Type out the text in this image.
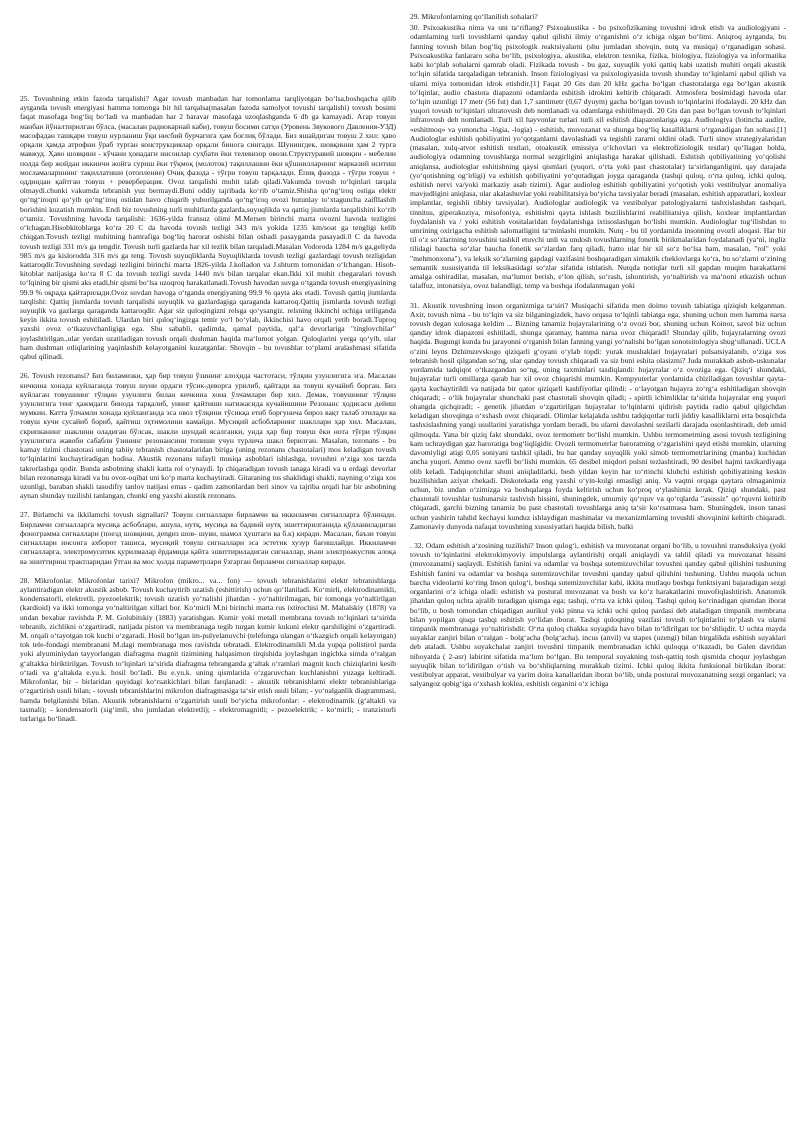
25. Tovushning etkin fazoda tarqalishi? Agar tovush manbadan har tomonlama tarqliyotgan bo‘lsa,boshqacha qilib aytganda tovush energiyasi hamma tomonga bir hil tarqalsa(masalan fazoda samolyot tovushi tarqalishi) tovush bosimi faqat masofaga bog‘liq bo‘ladi va manbadan har 2 baravar masofaga uzoqlashganda 6 db ga kamayadi. Агар товуш манбаи йўналтирилган бўлса, (масалан радиокарнай каби), товуш босими сатҳи (Уровень Звукового Давления-УЗД) масофадан ташқари товуш нурланиш ўқи нисбий бурчагига ҳам боғлиқ бўлади. Биз яшайдиган товуш 2 хил: ҳаво орқали ҳамда атрофни ўраб турган конструкциялар орқали бинога сингади. Шунингдек, шовқинни ҳам 2 турга мавжуд. Ҳаво шовқини - кўчани ҳонадаги инсонлар суҳбати ёки телевизор овози.Структуравий шовқин - мебелни полда бир жойдан иккинчи жойга суриш ёки тўқмоқ (мoлоток) тақиллашни ёки қўшнилларнинг марказий иситиш моcламаларининг тақиллатиши (отопление) Очиқ фазода - тўғри товуш тарқалади. Ёпиқ фазода - тўғри товуш + оддиндан қайтган товуш + реверберация. Ovoz tarqalishi muhit talab qiladi.Vakumda tovush to‘lqinlari tarqala olmaydi.chunki vakumda tebranish yuz bermaydi.Buni oddiy tajribada ko‘rib o‘tamiz.Shisha qo‘ng‘iroq ostiga elektr qo‘ng‘iroqni qo‘yib qo‘ng‘iroq ostidan havo chiqarib yuborilganda qo‘ng‘iroq ovozi butunlay to‘xtaguncha zaifllashib borishini kuzatish mumkin. Endi biz tovushning turli muhitlarda gazlarda,suyuqlikda va qattiq jismlarda tarqalishini ko‘rib o‘tamiz. Tovushning havoda tarqalishi: 1636-yilda fransuz olimi M.Mersen birinchi marta ovozni havoda tezligini o‘lchagan.Hisobkitoblarga ko‘ra 20 C da havoda tovush tezligi 343 m/s yokida 1235 km/soat ga tengligi kelib chiqgan.Tovush tezligi muhitning hamrafiga bog‘liq harorat oshishi bilan oshadi pasayganda pasayadi.0 C da havoda tovush tezligi 331 m/s ga tengdir. Tovush turli gazlarda har xil tezlik bilan tarqaladi.Masalan Vodoroda 1284 m/s ga,geliyda 985 m/s ga kislorodda 316 m/s ga teng. Tovush suyuqliklarda Suyuqliklarda tovush tezligi gazlardagi tovush tezligidan kattaroqdir.Tovushning suvdagi tezligini birinchi marta 1826-yilda J.kolladon va J.shturm tomonidan o‘lchangan. Hisob-kitoblar natijasiga ko‘ra 8 C da tovush tezligi suvda 1440 m/s bilan tarqalar ekan.Ikki xil muhit chegaralari tovush to‘lqining bir qismi aks etadi,bir qismi bo‘lsa uzoqroq harakatlanadi.Tovush havodan suvga o‘tganda tovush energiyasining 99.9 % оқрада қайтарилади.Ovoz suvdan havoga o‘tganda energiyaning 99.9 % qaytа aks etadi. Tovush qattiq jismlarda tarqlishi: Qattiq jismlarda tovush tarqalishi suyuqlik va gazlardagiga qaraganda kattaroq.Qattiq jismlarda tovush tezligi suyuqlik va gazlarga qaraganda kattaroqdir. Agar siz quloqingizni relsga qo‘ysangiz. relsning ikkinchi uchiga uriliganda keyin ikkita tovush eshitiladi. Ulardan biri quloq‘ingizga temir yo‘l bo‘ylab, ikkinchisi havo orqali yetib boradi.Tuproq yaxshi ovoz o‘tkazuvchanligiga ega. Shu sababli, qadimda, qamal paytida, qal‘a devorlariga "tinglovchilar" joylashtirilgan.,ular yerdan uzatiladigan tovush orqali dushman haqida ma‘lumot yolgan. Quloqlarini yerga qo‘yib, ular ham dushman otliqlarining yaqinlashib kelayotganini kuzatganlar. Shovqin - bu tovushlar to‘plami aralashmasi sifatida qabul qilinadi.

26. Tovush rezonansi? Биз биламизки, ҳар бир товуш ўзининг алоҳида частотаси, тўлқин узунлигига эга. Масалан кичкина хонада куйлаганда товуш шуни ордаги тўсик-деворга урилиб, қайтади ва товуш кучайиб борган. Биз куйлаган товушнинг тўлқин узунлиги билан кичкина хона ўлчамлари бир хил. Демак, товушнинг тўлқин узунлигига тенг ҳажмдаги бинода тарқалиб, унинг қайтиши натижасида кучайишини Резонанс ҳодисаси дейиш мумкин. Катта ўлчамли хонада куйлангандa эса овоз тўлқини тўсикқа етиб боргунича бироз вақт талаб этилади ва товуш кучи сусайиб бориб, қайтиш эҳтимолини камайди. Мусиқий асбобларнинг шакллари ҳар хил. Масалан, скрипканинг шаклини оладиган бўлсак, шакли шундай ясалганки, унда ҳар бир товуш ёки нота тўғри тўлқин узунлигига жавоби сабабли ўзининг резонансини топиши учун турлича шакл берилган. Masalan, tezonans - bu kamay tizimi chastotasi uning tabiiy tebranish chastotalaridan biriga (uning rezonans chastotalari) mos keladigan tovush to‘lqinlarini kuchaytiradigan hodisa. Akustik rezonans tufayli musiqa asboblari ishlashga, tovushni o‘ziga xos tarzda takrorlashga qodir. Bunda asbobning shakli katta rol o‘ynaydi. Ip chiqaradigan tovush tanaga kiradi va u erdagi devorlar bilan rezonansga kiradi va bu ovoz-oqibat uni ko‘p marta kuchaytiradi. Gitaraning tos shaklidagi shakli, nayning o‘ziga xos uzunligi, baraban shakli tasodifiy tanlov natijasi emas - qadim zamonlardan beri sinov va tajriba orqali har bir asbobning aynan shunday tuzilishi tanlangan, chunki eng yaxshi akustik rezonans.

27. Birlamchi va ikkilamchi tovush signallari? Товуш сигналлари бирламчи ва иккиламчи сигналларга бўлинади. Бирламчи сигналларга мусиқа асбоблари, ашула, нутқ, мусиқа ва бадиий нутқ эшиттирилганида қўлланиладиган фонограмма сигналлари (поезд шовқини, дengиз шов- шуви, шамол ҳуштаги ва б.к) киради. Масалан, баъзи товуш сигналлари инсонга ахборот ташиса, мусиқий товуш сигналлари эса эстетик хузур бағишлайди. Иккиламчи сигналларга, электромуситик қурилмалар ёрдамида қайта эшиттириладиган сигналлар, яъни электроакустик алоқа ва эшиттириш трактларидан ўтган ва мос ҳолда параметрлари ўзгарган бирламчи сигналлар киради.

28. Mikrofonlar. Mikrofonlar tarixi? Mikrofon (mikro... va... fon) — tovush tebranishlarini elektr tebranishlarga aylantiradigan elektr akustik asbob. Tovush kuchaytirib uzatish (eshittirish) uchun qo‘llaniladi. Ko‘mirli, elektrodinamikli, kondensatorli, elektretli, pyezoelektrik; tovush uzatish yo‘nalishi jihatdan - yo‘naltirilmagan, bir tomonga yo‘naltirilgan (kardioid) va ikki tomonga yo‘naltirilgan xillari bor. Ko‘mirli M.ni birinchi marta rus ixtirochisi M. Mahalskiy (1878) va undan bexabar ravishda P. M. Golubitskiy (1883) yaratishgan. Kumir yoki metall membrana tovush to‘lqinlari ta‘sirida tebranib, zichlikni o‘zgartiradi, natijada piston va membranaga tegib turgan kumir kukuni elektr qarshiligini o‘zgartiradi. M. orqali o‘tayotgan tok kuchi o‘zgaradi. Hosil bo‘lgan im-pulyelanuvchi (telefonga ulangan o‘tkazgich orqali kelayotgan) tok tele-fondagi membranani M.dagi membranaga mos ravishda tebratadi. Elektrodinamikli M.da yupqa polistirol parda yoki alyuminiydan tayyorlangan diafragma magnit tizimining halqasimon tirqishida joylashgan ingichka simda o‘ralgan g‘altakka biriktirilgan. Tovush to‘lqinlari ta‘sirida diafragma tebranganda g‘altak o‘ramlari magnit kuch chiziqlarini kesib o‘tadi va g‘altakda e.yu.k. hosil bo‘ladi. Bu e.yu.k. uning qismlarida o‘zgaruvchan kuchlanishni yuzaga keltiradi. Mikrofonlar, bir - birlaridan quyidagi ko‘rsatkichlari bilan farqlanadi: - akustik tebranishlarni elektr tebranishlariga o‘zgartirish usuli bilan; - tovush tebranishlarini mikrofon diafragmasiga ta‘sir etish usuli bilan; - yo‘nalganlik diagrammasi, hamda belgilanishi bilan. Akustik tebranishlarni o‘zgartirish usuli bo‘yicha mikrofonlar: - elektrodinamik (g‘altakli va tasmali); - kondensatorli (sig‘imli, shu jumladan elektretli); - elektromagnitli; - pezoelektrik; - ko‘mirli; - tranzistorli turlariga bo‘linadi.

29. Mikrofonlarning qo‘llanilish sohalari?

30. Psixoakustika nima va uni ta‘riflang? Psixoakustika - bu psixofizikaning tovushni idrok etish va audiologiyani - odamlarning turli tovushlarni qanday qabul qilishi ilmiy o‘rganishni o‘z ichiga olgan bo‘limi. Aniqroq aytganda, bu fanning tovush bilan bog‘liq psixologik reaktsiyalarni (shu jumladan shovqin, nutq va musiqa) o‘rganadigan sohasi. Psixoakustika fanlararo soha bo‘lib, psixologiya, akustika, elektron texnika, fizika, biologiya, fiziologiya va informatika kabi ko‘plab sohalarni qamrab oladi. Fizikada tovush - bu gaz, suyuqlik yoki qattiq kabi uzatish muhiti orqali akustik to‘lqin sifatida tarqaladigan tebranish. Inson fiziologiyasi va psixologiyasida tovush shunday to‘lqinlarni qabul qilish va ularni miya tomonidan idrok etishdir.[1] Faqat 20 Gts dan 20 kHz gacha bo‘lgan chastotalarga ega bo‘lgan akustik to‘lqinlar, audio chastota diapazoni odamlarda eshitish idrokini keltirib chiqaradi. Atmosfera bosimidagi havoda ular to‘lqin uzunligi 17 metr (56 fut) dan 1,7 santimetr (0,67 dyuym) gacha bo‘lgan tovush to‘lqinlarini ifodalaydi. 20 kHz dan yuqori tovush to‘lqinlari ultratovush deb nomlanadi va odamlarga eshitilmaydi. 20 Gts dan past bo‘lgan tovush to‘lqinlari infratovush deb nomlanadi. Turli xil hayvonlar turlari turli xil eshitish diapazonlariga ega. Audiologiya (lotincha audire, «eshitmoq» va yunoncha -lógia, -logia) - eshitish, muvozanat va shunga bog‘liq kasalliklarni o‘rganadigan fan sohasi.[1] Audiologlar eshitish qobiliyatini yo‘qotganlarni davolashadi va tegishli zararni oldini oladi. Turli sinov strategiyalaridan (masalan, xulq-atvor eshitish testlari, otoakustik emissiya o‘lchovlari va elektrofiziologik testlar) qo‘llagan holda, audiologiya odamning tovushlarga normal sezgirligini aniqlashga harakat qilishadi. Eshitish qobiliyatining yo‘qolishi aniqlansa, audiologlar eshitishning qaysi qismlari (yuqori, o‘rta yoki past chastotalar) ta‘sirlanganligini, qay darajada (yo‘qotishning og‘irligi) va eshitish qobiliyatini yo‘qotadigan joyga qaraganda (tashqi quloq, o‘rta quloq, ichki quloq, eshitish nervi va/yoki markaziy asab tizimi). Agar audiolog eshitish qobiliyatini yo‘qotish yoki vestibulyar anomaliya mavjudligini aniqlasa, ular akalashuvlar yoki reabilitatsiya bo‘yicha tavsiyalar beradi (masalan, eshitish apparatlari, koxlear implantlar, tegishli tibbiy tavsiyalar). Audiologlar audiologik va vestibulyar patologiyalarni tashxislashdan tashqari, tinnitus, giperakuziya, misofoniya, eshitishni qayta ishlash buzilishlarini reabilitatsiya qilish, koxlear implantlardan foydalanish va / yoki eshitish vositalaridan foydalanishga ixtisoslashgan bo‘lishi mumkin. Audiologlar tug‘ilishdan to umrining oxirigacha eshitish salomatligini ta‘minlashi mumkin. Nutq - bu til yordamida insonning ovozli aloqasi. Har bir til o‘z so‘zlarining tovushini tashkil etuvchi unli va undosh tovushlarning fonetik birikmalaridan foydalanadi (ya‘ni, ingliz tilidagi baucha so‘zlar baucha fonetik so‘zlardan farq qiladi, hatto ular bir xil so‘z bo‘lsa ham, masalan, "rol" yoki "mehmonxona"), va leksik so‘zlarning gapdagi vazifasini boshqaradigan sintaktik cheklovlarga ko‘ra, bu so‘zlarni o‘zining semantik xususiyatida til leksikasidagi so‘zlar sifatida ishlatish. Nutqda notiqlar turli xil gapdan muqim harakatlarni amalga oshiradilar, masalan, ma‘lumot berish, e‘lon qilish, so‘rash, ishontirish, yo‘naltirish va ma‘noni etkazish uchun talaffuz, intonatsiya, ovoz balandligi, temp va boshqa ifodalanmagan yoki

31. Akustik tovushning inson organizmiga ta‘siri? Musiqachi sifatida men doimo tovush tabiatiga qiziqish kelganman. Axir, tovush nima - bu to‘lqin va siz bilganingizdek, havo orqasa to‘lqinli tabiatga ega, shuning uchun men hamma narsa tovush degan xulosaga keldim ... Bizning tanamiz hujayralarining o‘z ovozi bor, shuning uchun Koinot, savol biz uchun qanday idrok diapazoni eshitiladi, shunga qaramay, hamma narsa ovoz chiqaradi! Shunday qilib, hujayralarning ovozi haqida. Bugungi kunda bu jarayonni o‘rganish bilan fanning yangi yo‘nalishi bo‘lgan sonotsitologiya shug‘ullanadi. UCLA o‘zini leyns Dzhimzevskogo qiziqarli g‘oyani o‘ylab topdi: yurak mushaklari hujayralari pulsatsiyalanib, o‘ziga xos tebranish hosil qilgandan so‘ng, ular qanday tovush chiqaradi va siz buni eshita olasizmi? Juda murakkab asbob-uskunalar yordamida tadqiqot o‘tkazgandan so‘ng, uning taxminlari tasdiqlandi: hujayralar o‘z ovoziga ega. Qiziq‘i shundaki, hujayralar turli omillarga qarab har xil ovoz chiqarishi mumkin. Kompyuterlar yordamida chiziladigan tovushlar qayta-qayta kuchaytirildi va natijada bir qator qiziqarli kashfiyotlar qilindi: - o‘layotgan hujayra zo‘rg‘a eshitiladigan shovqin chiqaradi; - o‘lik hujayralar shunchaki past chastotali shovqin qiladi; - spirtli ichimliklar ta‘sirida hujayralar eng yuqori ohangda qichqiradi; - genetik jihatdan o‘zgartirilgan hujayralar to‘lqinlarni qidirish paytida radio qabul qilgichdan keladigan shovqinga o‘xshash ovoz chiqaradi. Olimlar kelajakda ushbu tadqiqotlar turli jiddiy kasalliklarni erta bosqichda tashxislashning yangi usullarini yaratishga yordam beradi, bu ularni davolashni sezilarli darajada osonlashtiradi, deb umid qilmoqda. Yana bir qiziq fakt shundaki, ovoz termometr bo‘lishi mumkin. Ushbu termometrning asosi tovush tezligining kam uchraydigan gaz haroratiga bog‘liqligidir. Ovozli termometrlar haroratning o‘zgarishini qayd etishi mumkin, ularning davomiyligi atigi 0,05 soniyani tashkil qiladi, bu har qanday suyuqlik yoki simob termometrlarining (manba) kuchidan ancha yuqori. Ammo ovoz xavfli bo‘lishi mumkin. 65 desibel miqdori pulsni tezlashtiradi, 90 desibel hajmi taxikardiyaga olib keladi. Tadqiqotchilar shuni aniqladilarki, besh yildan keyin har to‘rtinchi klubchi eshitish qobiliyatining keskin buzilishidan aziyat chekadi. Diskotekada eng yaxshi o‘yin-kulgi emasligi aniq. Va vaqtni orqaga qaytara olmaganimiz uchun, biz undan o‘zimizga va boshqalarga foyda keltirish uchun ko‘proq o‘ylashimiz kerak. Qiziqi shundaki, past chastotali tovushlar tushunarsiz tashvish hissini, shuningdek, umumiy qo‘rquv va qo‘rqlarda "asossiz" qo‘rquvni keltirib chiqaradi, garchi bizning tanamiz bu past chastotali tovushlarga aniq ta‘sir ko‘rsatmasa ham. Shuningdek, inson tanasi uchun yashirin tahdid kechaysi kunduz ishlaydigan mashinalar va mexanizmlarning tovushli shovqinini keltirib chiqaradi. Zamonaviy dunyoda nafaqat tovushning xususiyatlari haqida bilish, balki

. 32. Odam eshitish a‘zosining tuzilishi? Inson qulog‘i, eshitish va muvozanat organi bo‘lib, u tovushni transduksiya (yoki tovush to‘lqinlarini elektrokimyoviy impulslarga aylantirish) orqali aniqlaydi va tahlil qiladi va muvozanat hissini (muvozanatni) saqlaydi. Eshitish fanini va odamlar va boshqa sutemizuvchilar tovushni qanday qabul qilishini tushuning Eshitish fanini va odamlar va boshqa sutemizuvchilar tovushni qanday qabul qilishini tushuning. Ushbu maqola uchun barcha videolarni ko‘ring Inson qulog‘i, boshqa sutemizuvchilar kabi, ikkita mutlaqo boshqa funktsiyani bajaradigan sezgi organlarini o‘z ichiga oladi: eshitish va postural muvozanat va bosh va ko‘z harakatlarini muvofiqlashtirish. Anatomik jihatdan quloq uchta ajralib turadigan qismga ega; tashqi, o‘rta va ichki quloq. Tashqi quloq ko‘rinadigan qismdan iborat bo‘lib, u bosh tomondan chiqadigan aurikul yoki pinna va ichki uchi quloq pardasi deb ataladigan timpanik membrana bilan yopilgan qisqa tashqi eshitish yo‘lidan iborat. Tashqi quloqning vazifasi tovush to‘lqinlarini to‘plash va ularni timpanik membranaga yo‘naltirishdir. O‘rta quloq chakka suyagida havo bilan to‘ldirilgan tor bo‘shliqdir. U uchta mayda suyaklar zanjiri bilan o‘ralgan - bolg‘acha (bolg‘acha). incus (anvil) va stapes (uzengi) bilan birgalikda eshitish suyaklari deb ataladi. Ushbu suyakchalar zanjiri tovushni timpanik membranadan ichki quloqqa o‘tkazadi, bu Galen davridan nihoyatda ( 2-asr) labirint sifatida ma‘lum bo‘lgan. Bu temporal suyakning tosh-qattiq tosh qismida choqur joylashgan suyuqlik bilan to‘ldirilgan o‘tish va bo‘shliqlarning murakkab tizimi. Ichki quloq ikkita funksional birlikdan iborat: vestibulyar apparat, vestibulyar va yarim doira kanallaridan iborat bo‘lib, unda postural muvozanatning sezgi organlari; va salyangoz qobig‘iga o‘xshash koklea, eshitish organini o‘z ichiga
